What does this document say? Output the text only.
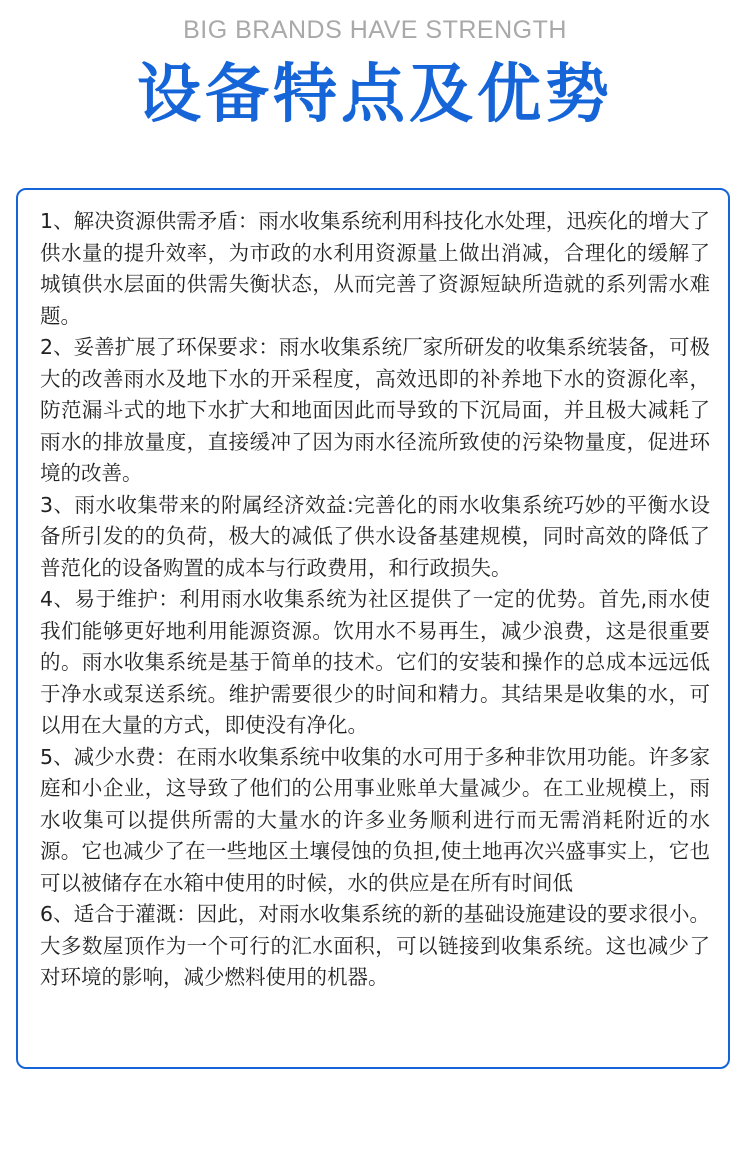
BIG BRANDS HAVE STRENGTH
设备特点及优势

1、解决资源供需矛盾：雨水收集系统利用科技化水处理，迅疾化的增大了供水量的提升效率，为市政的水利用资源量上做出消减，合理化的缓解了城镇供水层面的供需失衡状态，从而完善了资源短缺所造就的系列需水难题。

2、妥善扩展了环保要求：雨水收集系统厂家所研发的收集系统装备，可极大的改善雨水及地下水的开采程度，高效迅即的补养地下水的资源化率，防范漏斗式的地下水扩大和地面因此而导致的下沉局面，并且极大减耗了雨水的排放量度，直接缓冲了因为雨水径流所致使的污染物量度，促进环境的改善。

3、雨水收集带来的附属经济效益:完善化的雨水收集系统巧妙的平衡水设备所引发的的负荷，极大的减低了供水设备基建规模，同时高效的降低了普范化的设备购置的成本与行政费用，和行政损失。

4、易于维护：利用雨水收集系统为社区提供了一定的优势。首先,雨水使我们能够更好地利用能源资源。饮用水不易再生，减少浪费，这是很重要的。雨水收集系统是基于简单的技术。它们的安装和操作的总成本远远低于净水或泵送系统。维护需要很少的时间和精力。其结果是收集的水，可以用在大量的方式，即使没有净化。

5、减少水费：在雨水收集系统中收集的水可用于多种非饮用功能。许多家庭和小企业，这导致了他们的公用事业账单大量减少。在工业规模上，雨水收集可以提供所需的大量水的许多业务顺利进行而无需消耗附近的水源。它也减少了在一些地区土壤侵蚀的负担,使土地再次兴盛事实上，它也可以被储存在水箱中使用的时候，水的供应是在所有时间低

6、适合于灌溉：因此，对雨水收集系统的新的基础设施建设的要求很小。大多数屋顶作为一个可行的汇水面积，可以链接到收集系统。这也减少了对环境的影响，减少燃料使用的机器。
